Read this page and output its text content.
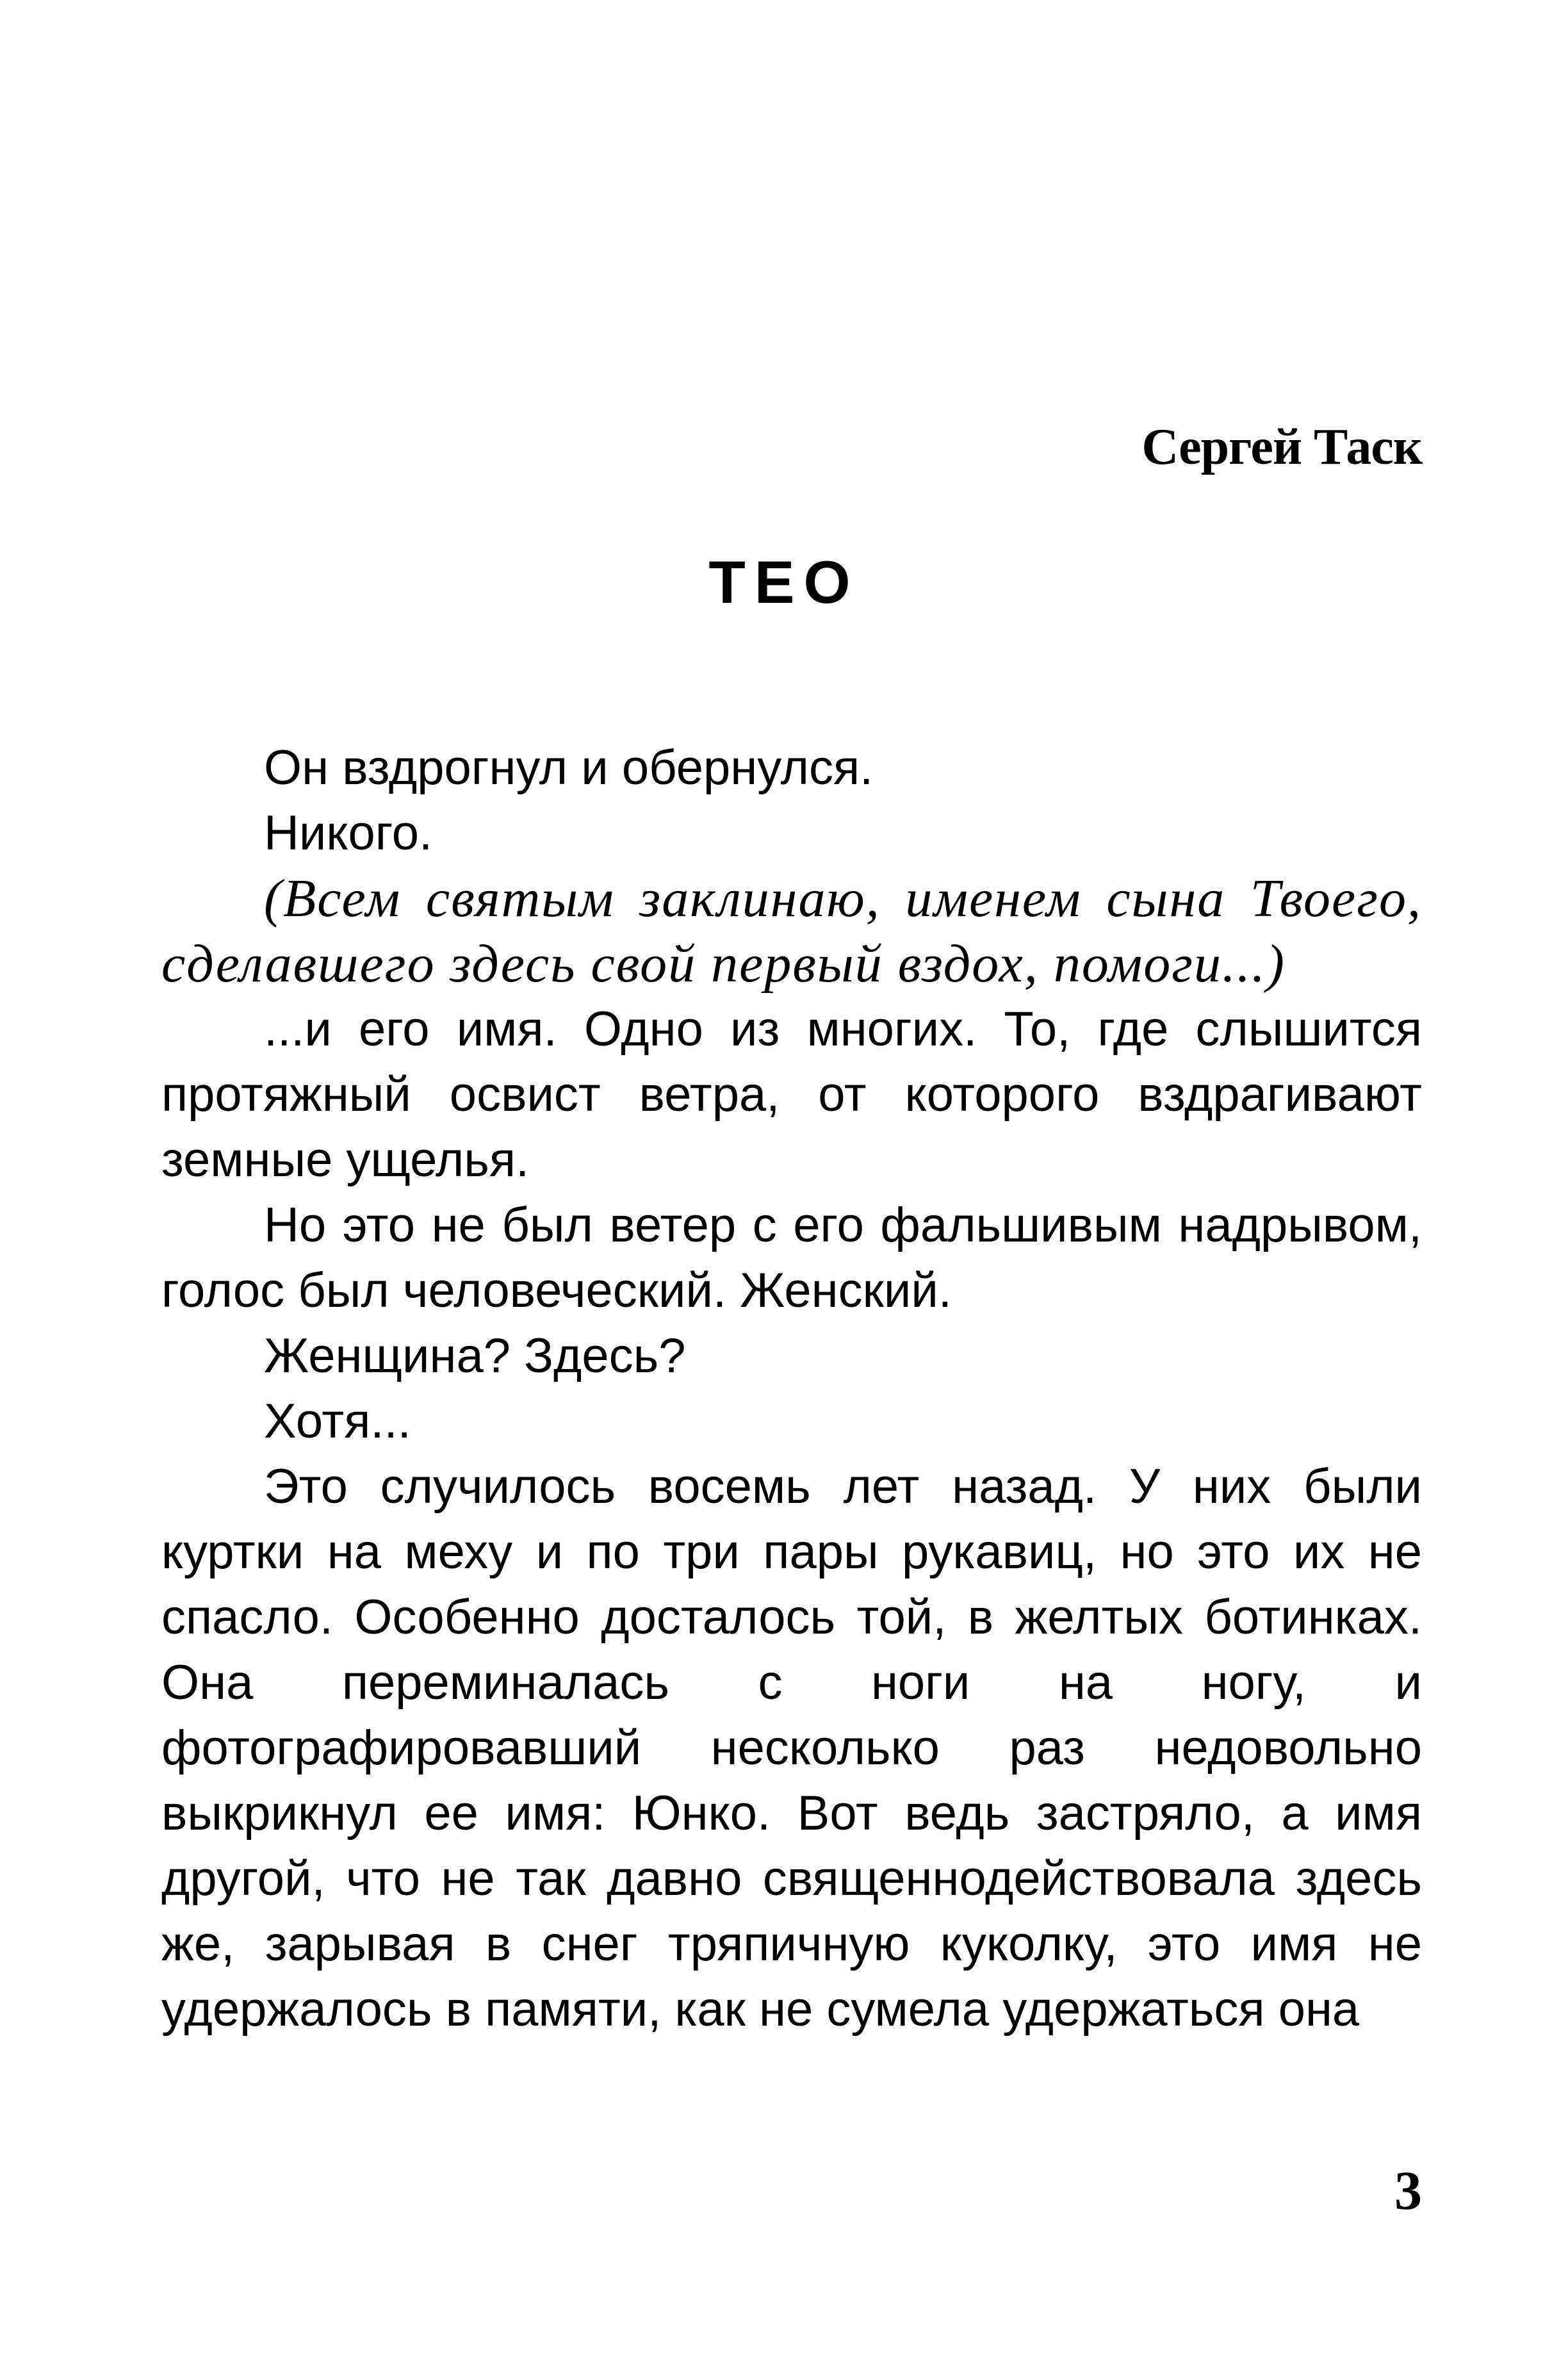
Сергей Таск
ТЕО

Он вздрогнул и обернулся.

Никого.

(Всем святым заклинаю, именем сына Твоего, сделавшего здесь свой первый вздох, помоги...)

...и его имя. Одно из многих. То, где слышится протяжный освист ветра, от которого вздрагивают земные ущелья.

Но это не был ветер с его фальшивым надрывом, голос был человеческий. Женский.

Женщина? Здесь?

Хотя...

Это случилось восемь лет назад. У них были куртки на меху и по три пары рукавиц, но это их не спасло. Особенно досталось той, в желтых ботинках. Она переминалась с ноги на ногу, и фотографировавший несколько раз недовольно выкрикнул ее имя: Юнко. Вот ведь застряло, а имя другой, что не так давно священнодействовала здесь же, зарывая в снег тряпичную куколку, это имя не удержалось в памяти, как не сумела удержаться она

3
